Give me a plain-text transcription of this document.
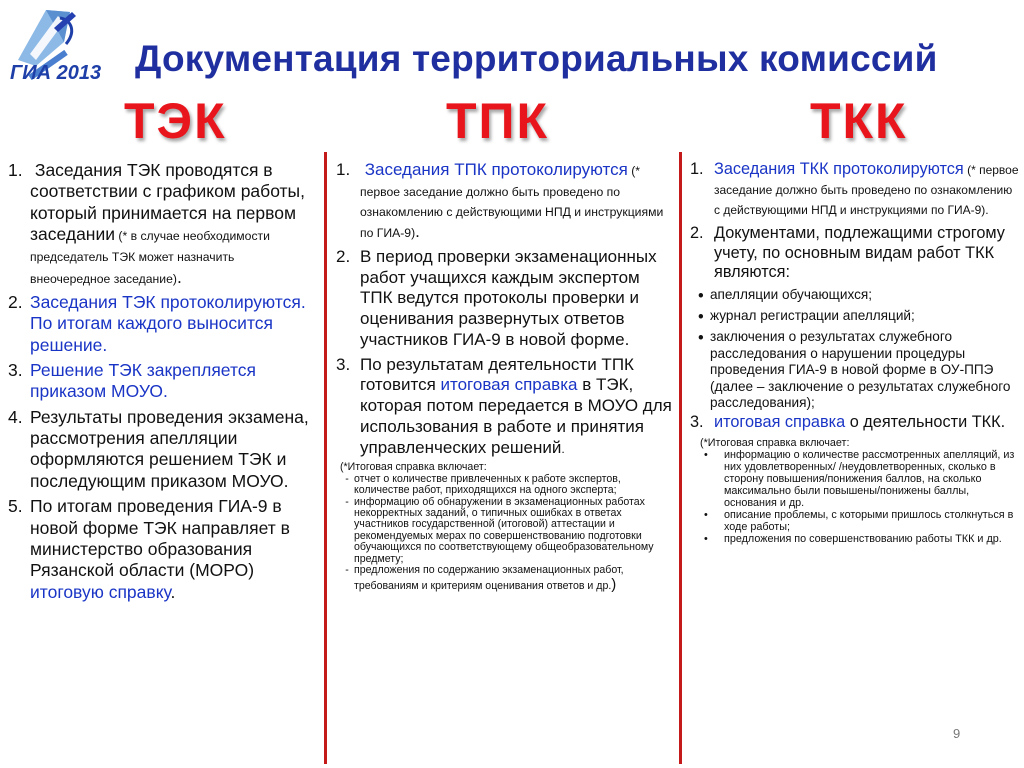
ГИА 2013 Документация территориальных комиссий
ТЭК	ТПК	ТКК
1. Заседания ТЭК проводятся в соответствии с графиком работы, который принимается на первом заседании (* в случае необходимости председатель ТЭК может назначить внеочередное заседание).
2. Заседания ТЭК протоколируются. По итогам каждого выносится решение.
3. Решение ТЭК закрепляется приказом МОУО.
4. Результаты проведения экзамена, рассмотрения апелляции оформляются решением ТЭК и последующим приказом МОУО.
5. По итогам проведения ГИА-9 в новой форме ТЭК направляет в министерство образования Рязанской области (МОРО) итоговую справку.
1. Заседания ТПК протоколируются (* первое заседание должно быть проведено по ознакомлению с действующими НПД и инструкциями по ГИА-9).
2. В период проверки экзаменационных работ учащихся каждым экспертом ТПК ведутся протоколы проверки и оценивания развернутых ответов участников ГИА-9 в новой форме.
3. По результатам деятельности ТПК готовится итоговая справка в ТЭК, которая потом передается в МОУО для использования в работе и принятия управленческих решений.
(*Итоговая справка включает:
- отчет о количестве привлеченных к работе экспертов, количестве работ, приходящихся на одного эксперта;
- информацию об обнаружении в экзаменационных работах некорректных заданий, о типичных ошибках в ответах участников государственной (итоговой) аттестации и рекомендуемых мерах по совершенствованию подготовки обучающихся по соответствующему общеобразовательному предмету;
- предложения по содержанию экзаменационных работ, требованиям и критериям оценивания ответов и др.)
1. Заседания ТКК протоколируются (* первое заседание должно быть проведено по ознакомлению с действующими НПД и инструкциями по ГИА-9).
2. Документами, подлежащими строгому учету, по основным видам работ ТКК являются:
• апелляции обучающихся;
• журнал регистрации апелляций;
• заключения о результатах служебного расследования о нарушении процедуры проведения ГИА-9 в новой форме в ОУ-ППЭ (далее – заключение о результатах служебного расследования);
3. итоговая справка о деятельности ТКК.
(*Итоговая справка включает:
•	информацию о количестве рассмотренных апелляций, из них удовлетворенных/ /неудовлетворенных, сколько в сторону повышения/понижения баллов, на сколько максимально были повышены/понижены баллы, основания и др.
•	описание проблемы, с которыми пришлось столкнуться в ходе работы;
•	предложения по совершенствованию работы ТКК и др.
9
